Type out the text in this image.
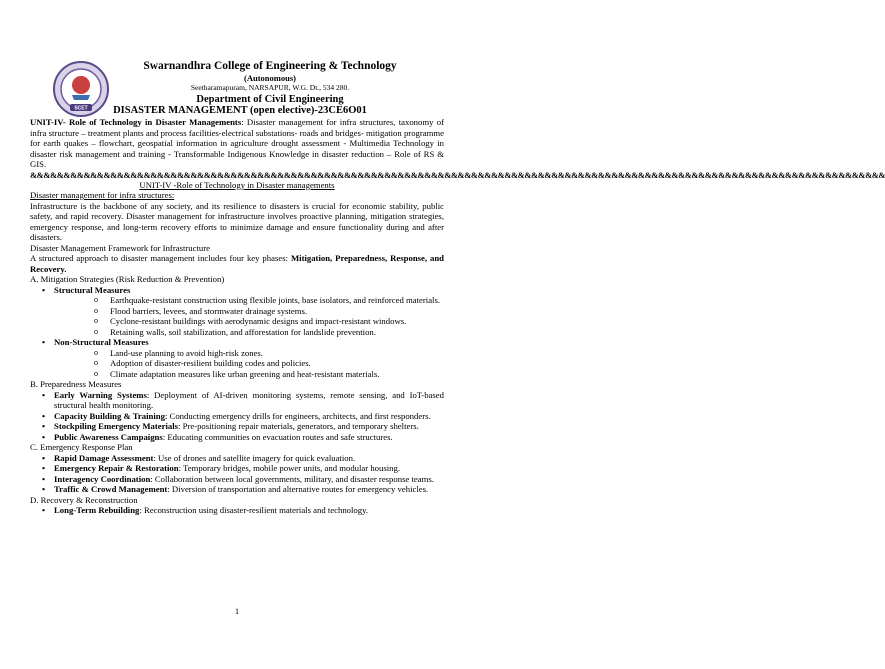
SCET
Swarnandhra College of Engineering & Technology
(Autonomous)
Seetharamapuram, NARSAPUR, W.G. Dt., 534 280.
Department of Civil Engineering
DISASTER MANAGEMENT (open elective)-23CE6O01
UNIT-IV- Role of Technology in Disaster Managements: Disaster management for infra structures, taxonomy of infra structure – treatment plants and process facilities-electrical substations- roads and bridges- mitigation programme for earth quakes – flowchart, geospatial information in agriculture drought assessment - Multimedia Technology in disaster risk management and training - Transformable Indigenous Knowledge in disaster reduction – Role of RS & GIS.
&&&&&&&&&&&&&&&&&&&&&&&&&&&&&&&&&&&&&&&&&&&&&&&&&&&&&&&&&&&&&&&&&&&&&&&&&&&&&&&&&&&&&&&&&&&&&&&&&&&&&&&&&&&&&&&&&&&&&&&&&&&&&&&&
UNIT-IV -Role of Technology in Disaster managements
Disaster management for infra structures:
Infrastructure is the backbone of any society, and its resilience to disasters is crucial for economic stability, public safety, and rapid recovery. Disaster management for infrastructure involves proactive planning, mitigation strategies, emergency response, and long-term recovery efforts to minimize damage and ensure functionality during and after disasters.
Disaster Management Framework for Infrastructure
A structured approach to disaster management includes four key phases: Mitigation, Preparedness, Response, and Recovery.
A. Mitigation Strategies (Risk Reduction & Prevention)
• Structural Measures
o Earthquake-resistant construction using flexible joints, base isolators, and reinforced materials.
o Flood barriers, levees, and stormwater drainage systems.
o Cyclone-resistant buildings with aerodynamic designs and impact-resistant windows.
o Retaining walls, soil stabilization, and afforestation for landslide prevention.
• Non-Structural Measures
o Land-use planning to avoid high-risk zones.
o Adoption of disaster-resilient building codes and policies.
o Climate adaptation measures like urban greening and heat-resistant materials.
B. Preparedness Measures
• Early Warning Systems: Deployment of AI-driven monitoring systems, remote sensing, and IoT-based structural health monitoring.
• Capacity Building & Training: Conducting emergency drills for engineers, architects, and first responders.
• Stockpiling Emergency Materials: Pre-positioning repair materials, generators, and temporary shelters.
• Public Awareness Campaigns: Educating communities on evacuation routes and safe structures.
C. Emergency Response Plan
• Rapid Damage Assessment: Use of drones and satellite imagery for quick evaluation.
• Emergency Repair & Restoration: Temporary bridges, mobile power units, and modular housing.
• Interagency Coordination: Collaboration between local governments, military, and disaster response teams.
• Traffic & Crowd Management: Diversion of transportation and alternative routes for emergency vehicles.
D. Recovery & Reconstruction
• Long-Term Rebuilding: Reconstruction using disaster-resilient materials and technology.
1
